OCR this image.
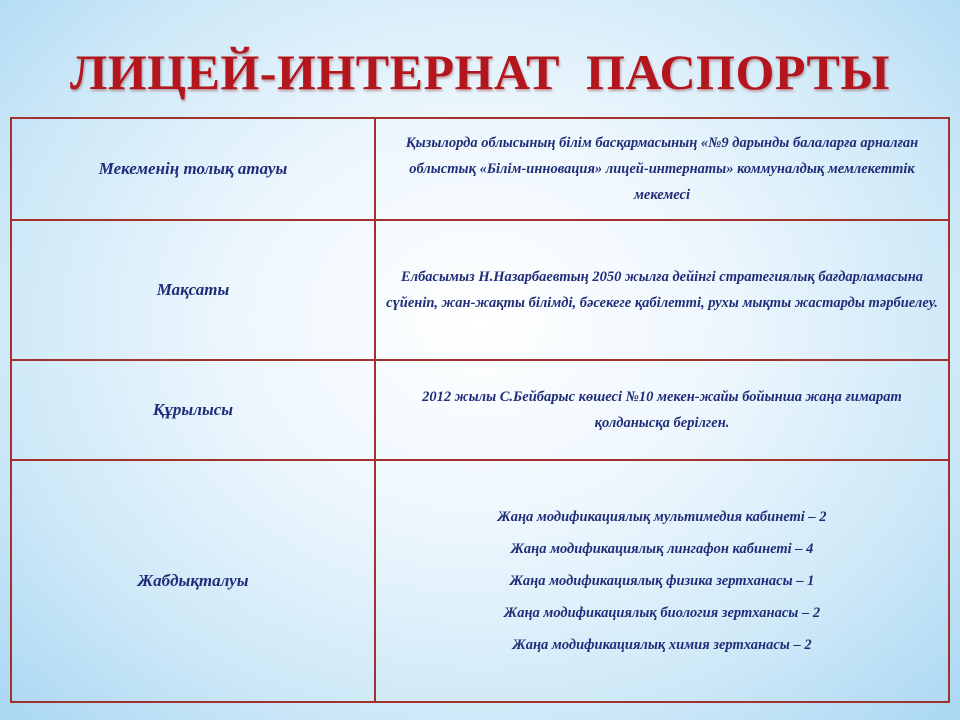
ЛИЦЕЙ-ИНТЕРНАТ  ПАСПОРТЫ
Мекеменің толық атауы	Қызылорда облысының білім басқармасының «№9 дарынды балаларға арналған облыстық «Білім-инновация» лицей-интернаты» коммуналдық мемлекеттік мекемесі
Мақсаты	Елбасымыз Н.Назарбаевтың 2050 жылға дейінгі стратегиялық бағдарламасына сүйеніп, жан-жақты білімді, бәсекеге қабілетті, рухы мықты жастарды тәрбиелеу.
Құрылысы	2012 жылы С.Бейбарыс көшесі №10 мекен-жайы бойынша жаңа ғимарат қолданысқа берілген.
Жабдықталуы	Жаңа модификациялық мультимедия кабинеті – 2
Жаңа модификациялық лингафон кабинеті – 4
Жаңа модификациялық физика зертханасы – 1
Жаңа модификациялық биология зертханасы – 2
Жаңа модификациялық химия зертханасы – 2
